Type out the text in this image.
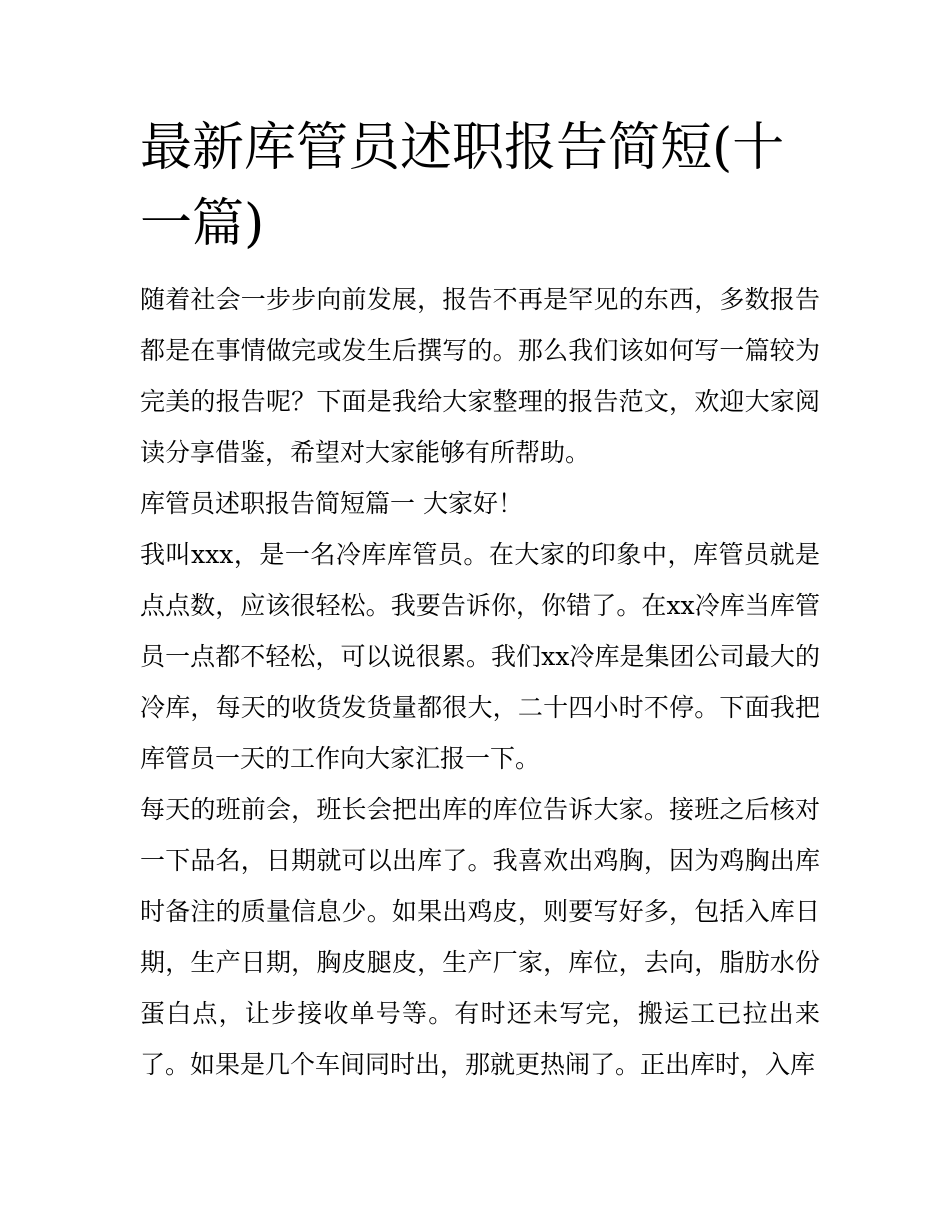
最新库管员述职报告简短(十一篇)

随着社会一步步向前发展，报告不再是罕见的东西，多数报告都是在事情做完或发生后撰写的。那么我们该如何写一篇较为完美的报告呢？下面是我给大家整理的报告范文，欢迎大家阅读分享借鉴，希望对大家能够有所帮助。

库管员述职报告简短篇一 大家好！

我叫xxx，是一名冷库库管员。在大家的印象中，库管员就是点点数，应该很轻松。我要告诉你，你错了。在xx冷库当库管员一点都不轻松，可以说很累。我们xx冷库是集团公司最大的冷库，每天的收货发货量都很大，二十四小时不停。下面我把库管员一天的工作向大家汇报一下。

每天的班前会，班长会把出库的库位告诉大家。接班之后核对一下品名，日期就可以出库了。我喜欢出鸡胸，因为鸡胸出库时备注的质量信息少。如果出鸡皮，则要写好多，包括入库日期，生产日期，胸皮腿皮，生产厂家，库位，去向，脂肪水份蛋白点，让步接收单号等。有时还未写完，搬运工已拉出来了。如果是几个车间同时出，那就更热闹了。正出库时，入库
